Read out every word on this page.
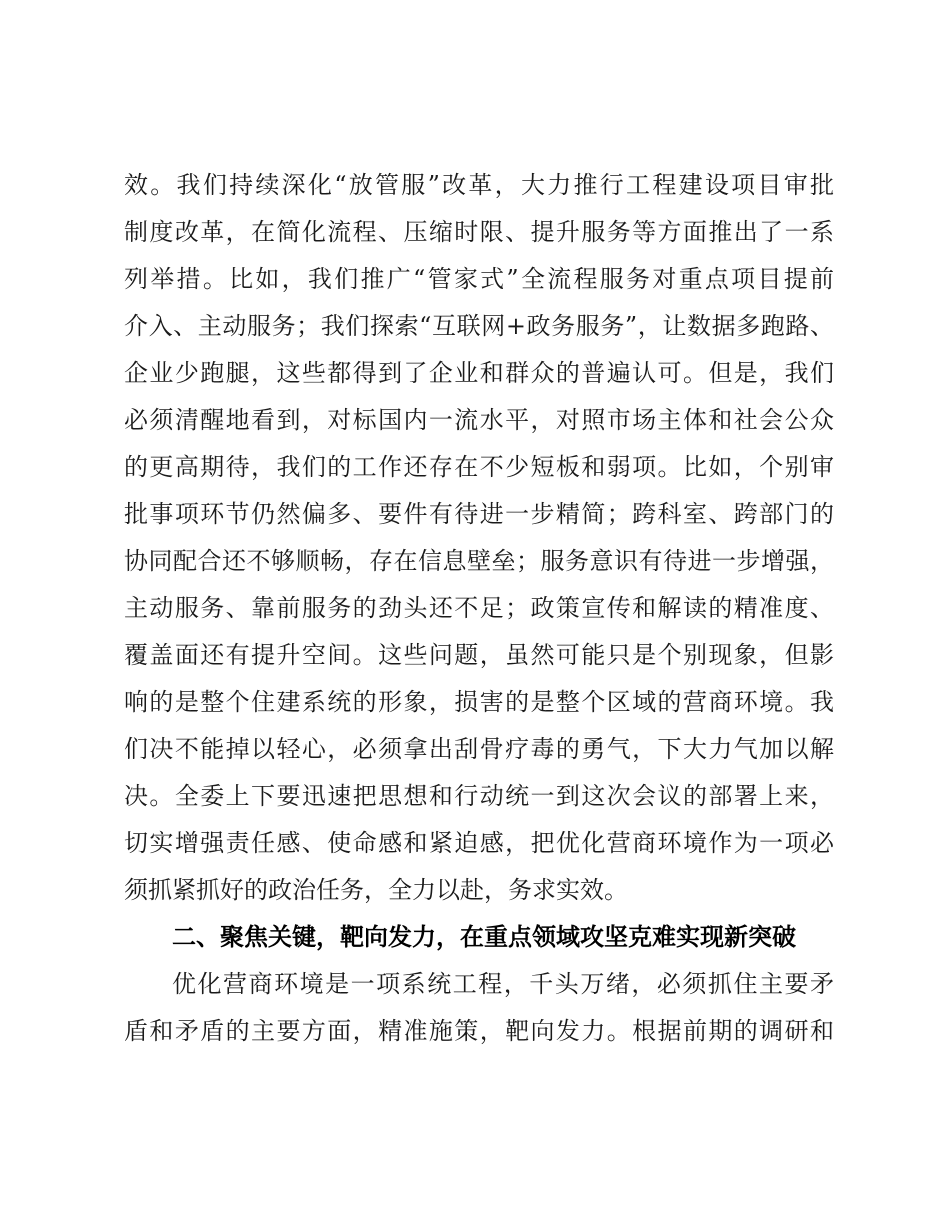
效。我们持续深化“放管服”改革，大力推行工程建设项目审批
制度改革，在简化流程、压缩时限、提升服务等方面推出了一系
列举措。比如，我们推广“管家式”全流程服务对重点项目提前
介入、主动服务；我们探索“互联网+政务服务”，让数据多跑路、
企业少跑腿，这些都得到了企业和群众的普遍认可。但是，我们
必须清醒地看到，对标国内一流水平，对照市场主体和社会公众
的更高期待，我们的工作还存在不少短板和弱项。比如，个别审
批事项环节仍然偏多、要件有待进一步精简；跨科室、跨部门的
协同配合还不够顺畅，存在信息壁垒；服务意识有待进一步增强，
主动服务、靠前服务的劲头还不足；政策宣传和解读的精准度、
覆盖面还有提升空间。这些问题，虽然可能只是个别现象，但影
响的是整个住建系统的形象，损害的是整个区域的营商环境。我
们决不能掉以轻心，必须拿出刮骨疗毒的勇气，下大力气加以解
决。全委上下要迅速把思想和行动统一到这次会议的部署上来，
切实增强责任感、使命感和紧迫感，把优化营商环境作为一项必
须抓紧抓好的政治任务，全力以赴，务求实效。
二、聚焦关键，靶向发力，在重点领域攻坚克难实现新突破
优化营商环境是一项系统工程，千头万绪，必须抓住主要矛
盾和矛盾的主要方面，精准施策，靶向发力。根据前期的调研和
